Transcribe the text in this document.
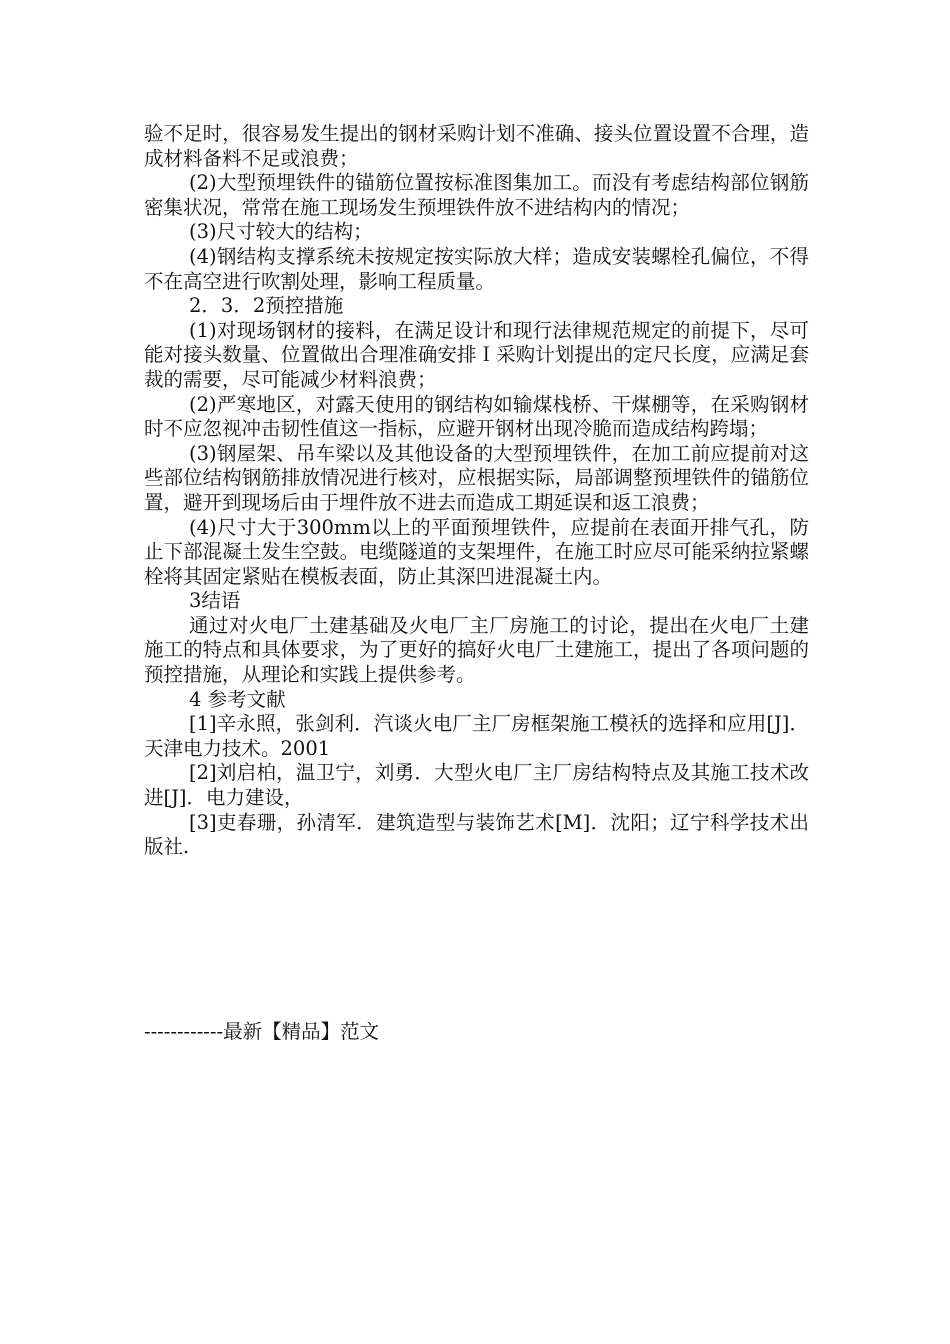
验不足时，很容易发生提出的钢材采购计划不准确、接头位置设置不合理，造成材料备料不足或浪费；

(2)大型预埋铁件的锚筋位置按标准图集加工。而没有考虑结构部位钢筋密集状况，常常在施工现场发生预埋铁件放不进结构内的情况；

(3)尺寸较大的结构；

(4)钢结构支撑系统未按规定按实际放大样；造成安装螺栓孔偏位，不得不在高空进行吹割处理，影响工程质量。

2．3．2预控措施

(1)对现场钢材的接料，在满足设计和现行法律规范规定的前提下，尽可能对接头数量、位置做出合理准确安排Ｉ采购计划提出的定尺长度，应满足套裁的需要，尽可能减少材料浪费；

(2)严寒地区，对露天使用的钢结构如输煤栈桥、干煤棚等，在采购钢材时不应忽视冲击韧性值这一指标，应避开钢材出现冷脆而造成结构跨塌；

(3)钢屋架、吊车梁以及其他设备的大型预埋铁件，在加工前应提前对这些部位结构钢筋排放情况进行核对，应根据实际，局部调整预埋铁件的锚筋位置，避开到现场后由于埋件放不进去而造成工期延误和返工浪费；

(4)尺寸大于300mm以上的平面预埋铁件，应提前在表面开排气孔，防止下部混凝土发生空鼓。电缆隧道的支架埋件，在施工时应尽可能采纳拉紧螺栓将其固定紧贴在模板表面，防止其深凹进混凝土内。

3结语

通过对火电厂土建基础及火电厂主厂房施工的讨论，提出在火电厂土建施工的特点和具体要求，为了更好的搞好火电厂土建施工，提出了各项问题的预控措施，从理论和实践上提供参考。

4 参考文献

[1]辛永照，张剑利．汽谈火电厂主厂房框架施工模袄的选择和应用[J]．天津电力技术。2001

[2]刘启柏，温卫宁，刘勇．大型火电厂主厂房结构特点及其施工技术改进[J]．电力建设，

[3]吏春珊，孙清军．建筑造型与装饰艺术[M]．沈阳；辽宁科学技术出版社.

------------最新【精品】范文
